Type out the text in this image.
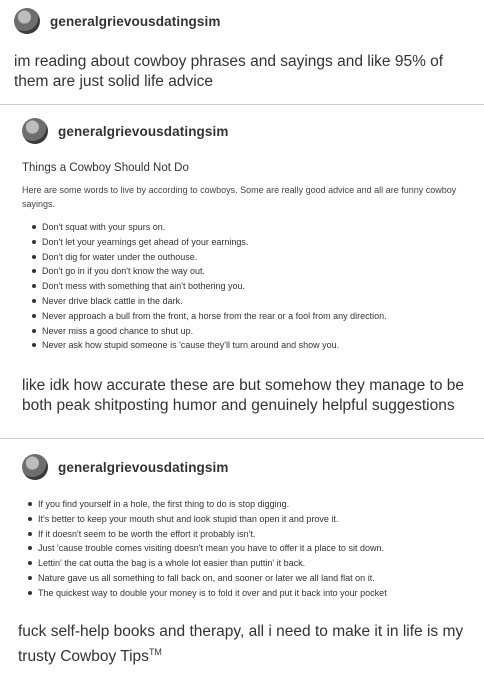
generalgrievousdatingsim
im reading about cowboy phrases and sayings and like 95% of them are just solid life advice
generalgrievousdatingsim
Things a Cowboy Should Not Do
Here are some words to live by according to cowboys. Some are really good advice and all are funny cowboy sayings.
Don't squat with your spurs on.
Don't let your yearnings get ahead of your earnings.
Don't dig for water under the outhouse.
Don't go in if you don't know the way out.
Don't mess with something that ain't bothering you.
Never drive black cattle in the dark.
Never approach a bull from the front, a horse from the rear or a fool from any direction.
Never miss a good chance to shut up.
Never ask how stupid someone is 'cause they'll turn around and show you.
like idk how accurate these are but somehow they manage to be both peak shitposting humor and genuinely helpful suggestions
generalgrievousdatingsim
If you find yourself in a hole, the first thing to do is stop digging.
It's better to keep your mouth shut and look stupid than open it and prove it.
If it doesn't seem to be worth the effort it probably isn't.
Just 'cause trouble comes visiting doesn't mean you have to offer it a place to sit down.
Lettin' the cat outta the bag is a whole lot easier than puttin' it back.
Nature gave us all something to fall back on, and sooner or later we all land flat on it.
The quickest way to double your money is to fold it over and put it back into your pocket
fuck self-help books and therapy, all i need to make it in life is my trusty Cowboy Tips™
